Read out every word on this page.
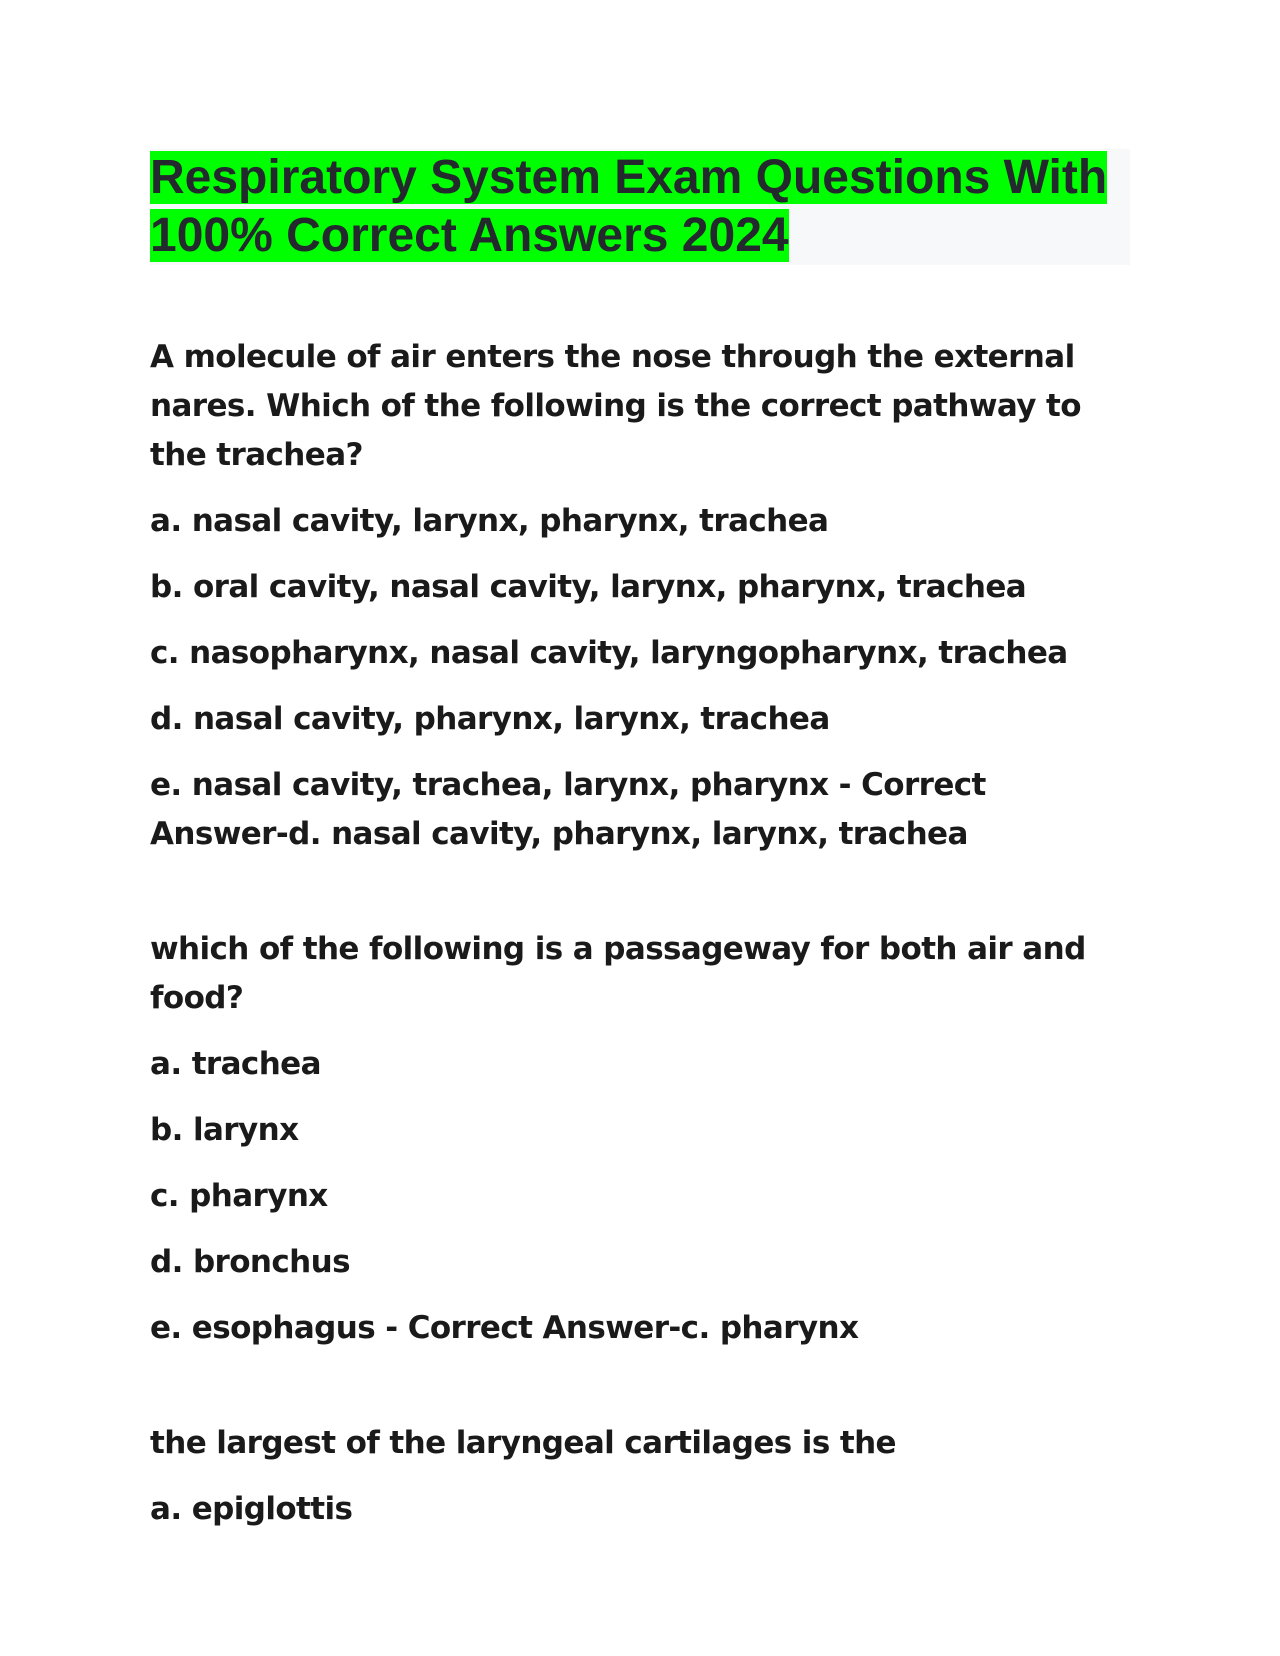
Respiratory System Exam Questions With 100% Correct Answers 2024

A molecule of air enters the nose through the external nares. Which of the following is the correct pathway to the trachea?

a. nasal cavity, larynx, pharynx, trachea

b. oral cavity, nasal cavity, larynx, pharynx, trachea

c. nasopharynx, nasal cavity, laryngopharynx, trachea

d. nasal cavity, pharynx, larynx, trachea

e. nasal cavity, trachea, larynx, pharynx - Correct Answer-d. nasal cavity, pharynx, larynx, trachea

which of the following is a passageway for both air and food?

a. trachea

b. larynx

c. pharynx

d. bronchus

e. esophagus - Correct Answer-c. pharynx

the largest of the laryngeal cartilages is the

a. epiglottis
